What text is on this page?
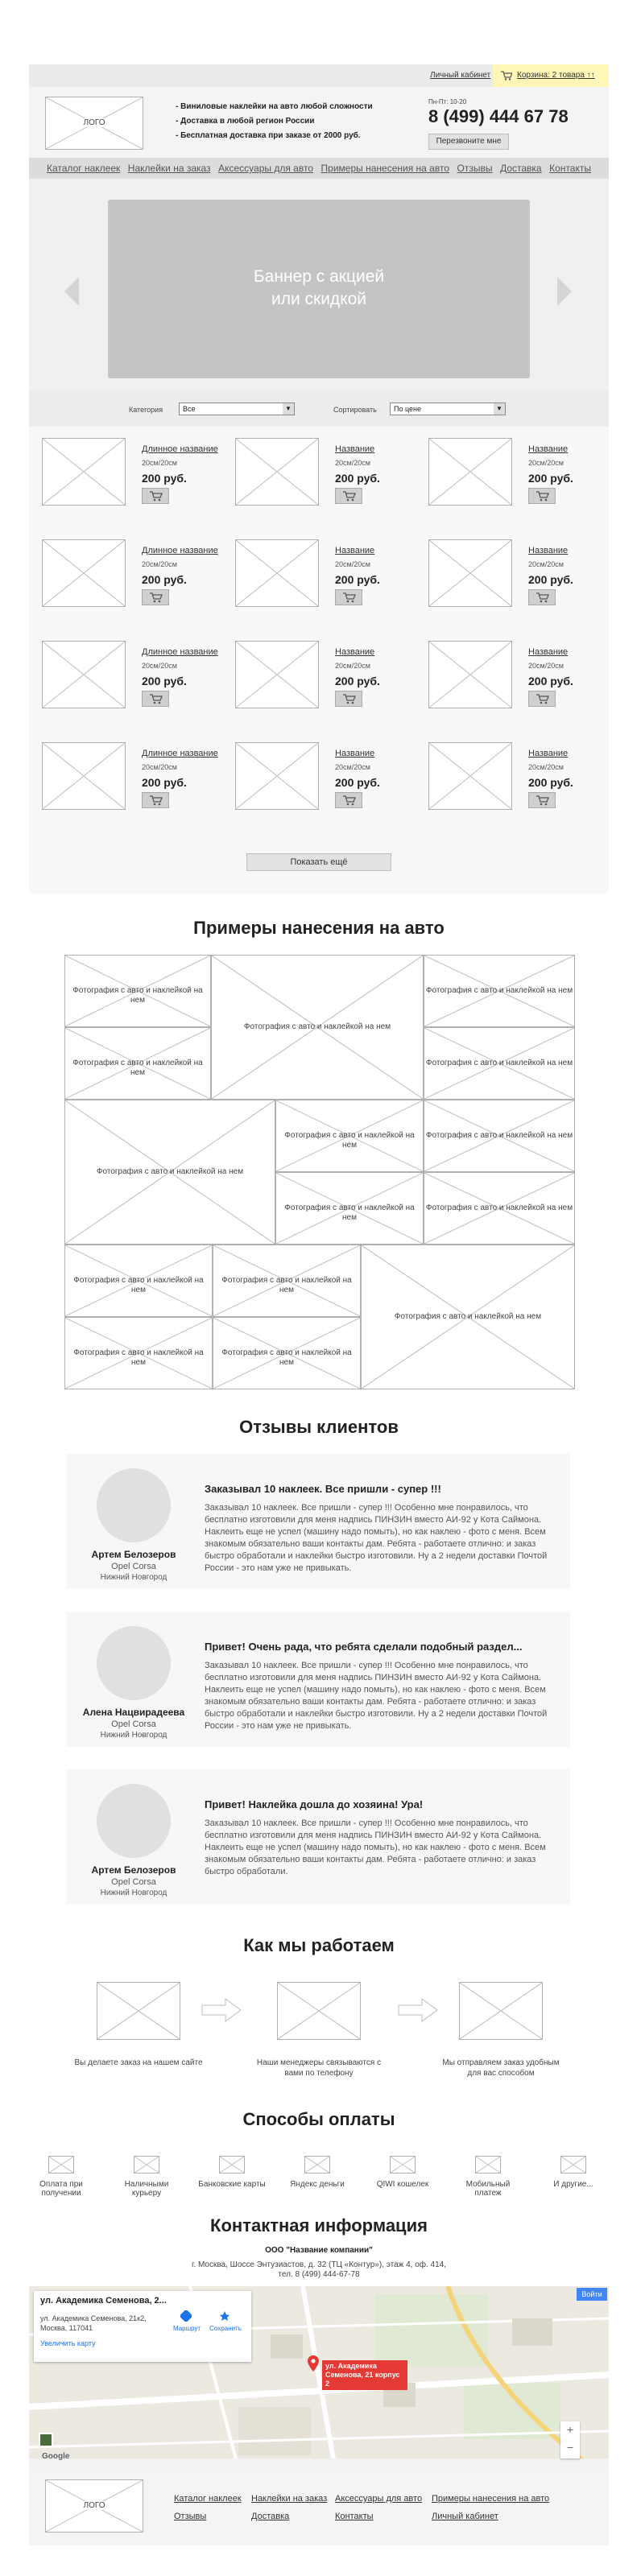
Личный кабинет	Корзина: 2 товара ↑↑
ЛОГО
- Виниловые наклейки на авто любой сложности
- Доставка в любой регион России
- Бесплатная доставка при заказе от 2000 руб.
Пн-Пт: 10-20
8 (499) 444 67 78
Перезвоните мне
Каталог наклеек Наклейки на заказ Аксессуары для авто Примеры нанесения на авто Отзывы Доставка Контакты
Баннер с акцией или скидкой
Категория	Все	▼	Сортировать По цене	▼
Длинное название
20см/20см
200 руб.
Название
20см/20см
200 руб.
Название
20см/20см
200 руб.
Длинное название
20см/20см
200 руб.
Название
20см/20см
200 руб.
Название
20см/20см
200 руб.
Длинное название
20см/20см
200 руб.
Название
20см/20см
200 руб.
Название
20см/20см
200 руб.
Длинное название
20см/20см
200 руб.
Название
20см/20см
200 руб.
Название
20см/20см
200 руб.
Показать ещё
Примеры нанесения на авто
Фотография с авто и наклейкой на нем
Фотография с авто и наклейкой на нем
Фотография с авто и наклейкой на нем
Фотография с авто и наклейкой на нем
Фотография с авто и наклейкой на нем
Фотография с авто и наклейкой на нем
Фотография с авто и наклейкой на нем
Фотография с авто и наклейкой на нем
Фотография с авто и наклейкой на нем
Фотография с авто и наклейкой на нем
Фотография с авто и наклейкой на нем
Фотография с авто и наклейкой на нем
Фотография с авто и наклейкой на нем
Фотография с авто и наклейкой на нем
Фотография с авто и наклейкой на нем
Отзывы клиентов
Артем Белозеров
Opel Corsa
Нижний Новгород
Заказывал 10 наклеек. Все пришли - супер !!!
Заказывал 10 наклеек. Все пришли - супер !!! Особенно мне понравилось, что бесплатно изготовили для меня надпись ПИНЗИН вместо АИ-92 у Кота Саймона. Наклеить еще не успел (машину надо помыть), но как наклею - фото с меня. Всем знакомым обязательно ваши контакты дам. Ребята - работаете отлично: и заказ быстро обработали и наклейки быстро изготовили. Ну а 2 недели доставки Почтой России - это нам уже не привыкать.
Алена Нацвирадеева
Opel Corsa
Нижний Новгород
Привет! Очень рада, что ребята сделали подобный раздел...
Заказывал 10 наклеек. Все пришли - супер !!! Особенно мне понравилось, что бесплатно изготовили для меня надпись ПИНЗИН вместо АИ-92 у Кота Саймона. Наклеить еще не успел (машину надо помыть), но как наклею - фото с меня. Всем знакомым обязательно ваши контакты дам. Ребята - работаете отлично: и заказ быстро обработали и наклейки быстро изготовили. Ну а 2 недели доставки Почтой России - это нам уже не привыкать.
Артем Белозеров
Opel Corsa
Нижний Новгород
Привет! Наклейка дошла до хозяина! Ура!
Заказывал 10 наклеек. Все пришли - супер !!! Особенно мне понравилось, что бесплатно изготовили для меня надпись ПИНЗИН вместо АИ-92 у Кота Саймона. Наклеить еще не успел (машину надо помыть), но как наклею - фото с меня. Всем знакомым обязательно ваши контакты дам. Ребята - работаете отлично: и заказ быстро обработали.
Как мы работаем
Вы делаете заказ на нашем сайте	Наши менеджеры связываются с вами по телефону
Мы отправляем заказ удобным для вас способом
Способы оплаты
Оплата при получении
Наличными курьеру
Банковские карты	Яндекс деньги	QIWI кошелек	Мобильный платеж
И другие...
Контактная информация
ООО "Название компании"
г. Москва, Шоссе Энтузиастов, д. 32 (ТЦ «Контур»), этаж 4, оф. 414,
тел. 8 (499) 444-67-78
ул. Академика Семенова, 2...
ул. Академика Семенова, 21к2, Москва, 117041
Увеличить карту
Маршрут	Сохранить
Войти
ул. Академика Семенова, 21 корпус 2
+
−
Google
ЛОГО
Каталог наклеек Наклейки на заказ Аксессуары для авто Примеры нанесения на авто
Отзывы	Доставка	Контакты	Личный кабинет
